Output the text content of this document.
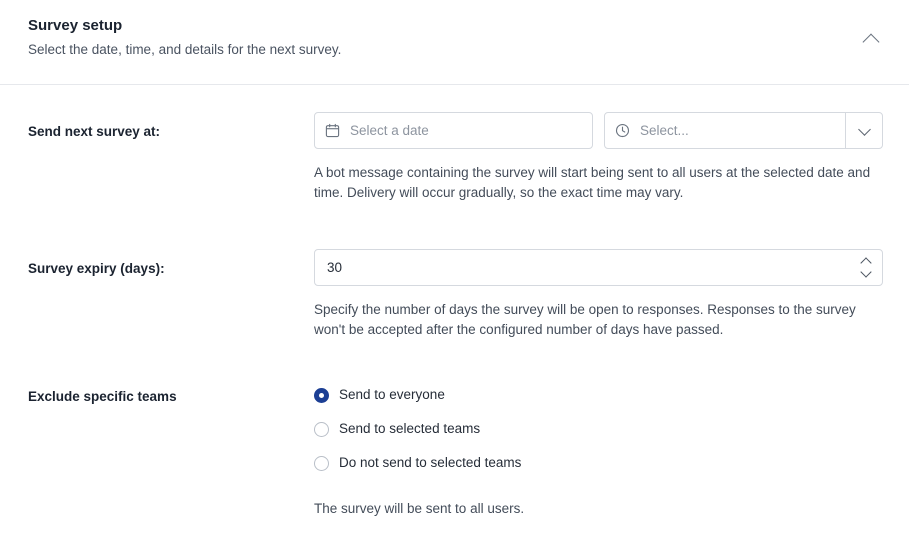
Survey setup
Select the date, time, and details for the next survey.
Send next survey at:	Select a date	Select...
A bot message containing the survey will start being sent to all users at the selected date and time. Delivery will occur gradually, so the exact time may vary.
Survey expiry (days):	30
Specify the number of days the survey will be open to responses. Responses to the survey won't be accepted after the configured number of days have passed.
Exclude specific teams	Send to everyone
Send to selected teams
Do not send to selected teams
The survey will be sent to all users.
